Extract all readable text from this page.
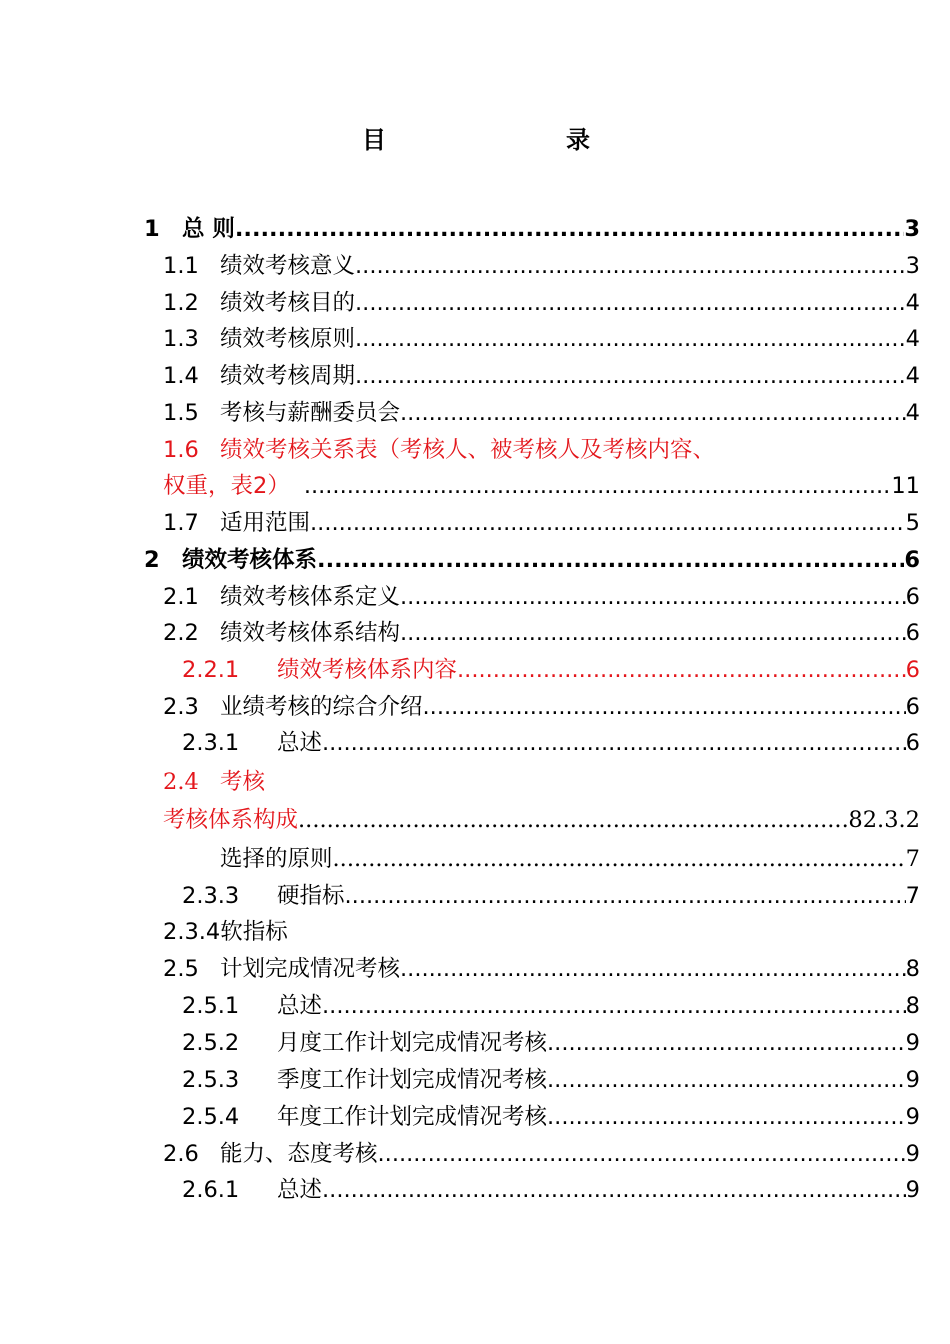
目	录
1 总 则 .....	3
1.1 绩效考核意义 .....	3
1.2 绩效考核目的 .....	4
1.3 绩效考核原则 .....	4
1.4 绩效考核周期 .....	4
1.5 考核与薪酬委员会 .....	4
1.6 绩效考核关系表（考核人、被考核人及考核内容、
权重，表2） .....	11
1.7 适用范围 .....	5
2 绩效考核体系 .....	6
2.1 绩效考核体系定义 .....	6
2.2 绩效考核体系结构 .....	6
2.2.1	绩效考核体系内容 .....	6
2.3 业绩考核的综合介绍 .....	6
2.3.1	总述 .....	6
2.4 考核
考核体系构成 .....	82.3.2
选择的原则 .....	7
2.3.3	硬指标 .....	7
2.3.4软指标
2.5 计划完成情况考核 .....	8
2.5.1	总述 .....	8
2.5.2	月度工作计划完成情况考核 .....	9
2.5.3	季度工作计划完成情况考核 .....	9
2.5.4	年度工作计划完成情况考核 .....	9
2.6 能力、态度考核 .....	9
2.6.1	总述 .....	9
